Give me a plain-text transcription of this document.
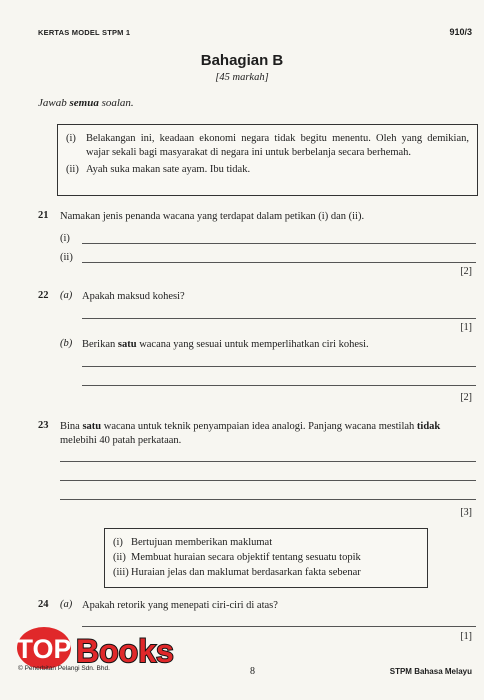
KERTAS MODEL STPM 1	910/3
Bahagian B
[45 markah]
Jawab semua soalan.
(i) Belakangan ini, keadaan ekonomi negara tidak begitu menentu. Oleh yang demikian, wajar sekali bagi masyarakat di negara ini untuk berbelanja secara berhemah.
(ii) Ayah suka makan sate ayam. Ibu tidak.
21 Namakan jenis penanda wacana yang terdapat dalam petikan (i) dan (ii).
(i)
(ii)
[2]
22 (a) Apakah maksud kohesi?
[1]
(b) Berikan satu wacana yang sesuai untuk memperlihatkan ciri kohesi.
[2]
23 Bina satu wacana untuk teknik penyampaian idea analogi. Panjang wacana mestilah tidak melebihi 40 patah perkataan.
[3]
(i) Bertujuan memberikan maklumat
(ii) Membuat huraian secara objektif tentang sesuatu topik
(iii) Huraian jelas dan maklumat berdasarkan fakta sebenar
24 (a) Apakah retorik yang menepati ciri-ciri di atas?
[1]
TOP Books
© Penerbitan Pelangi Sdn. Bhd.	8	STPM Bahasa Melayu
